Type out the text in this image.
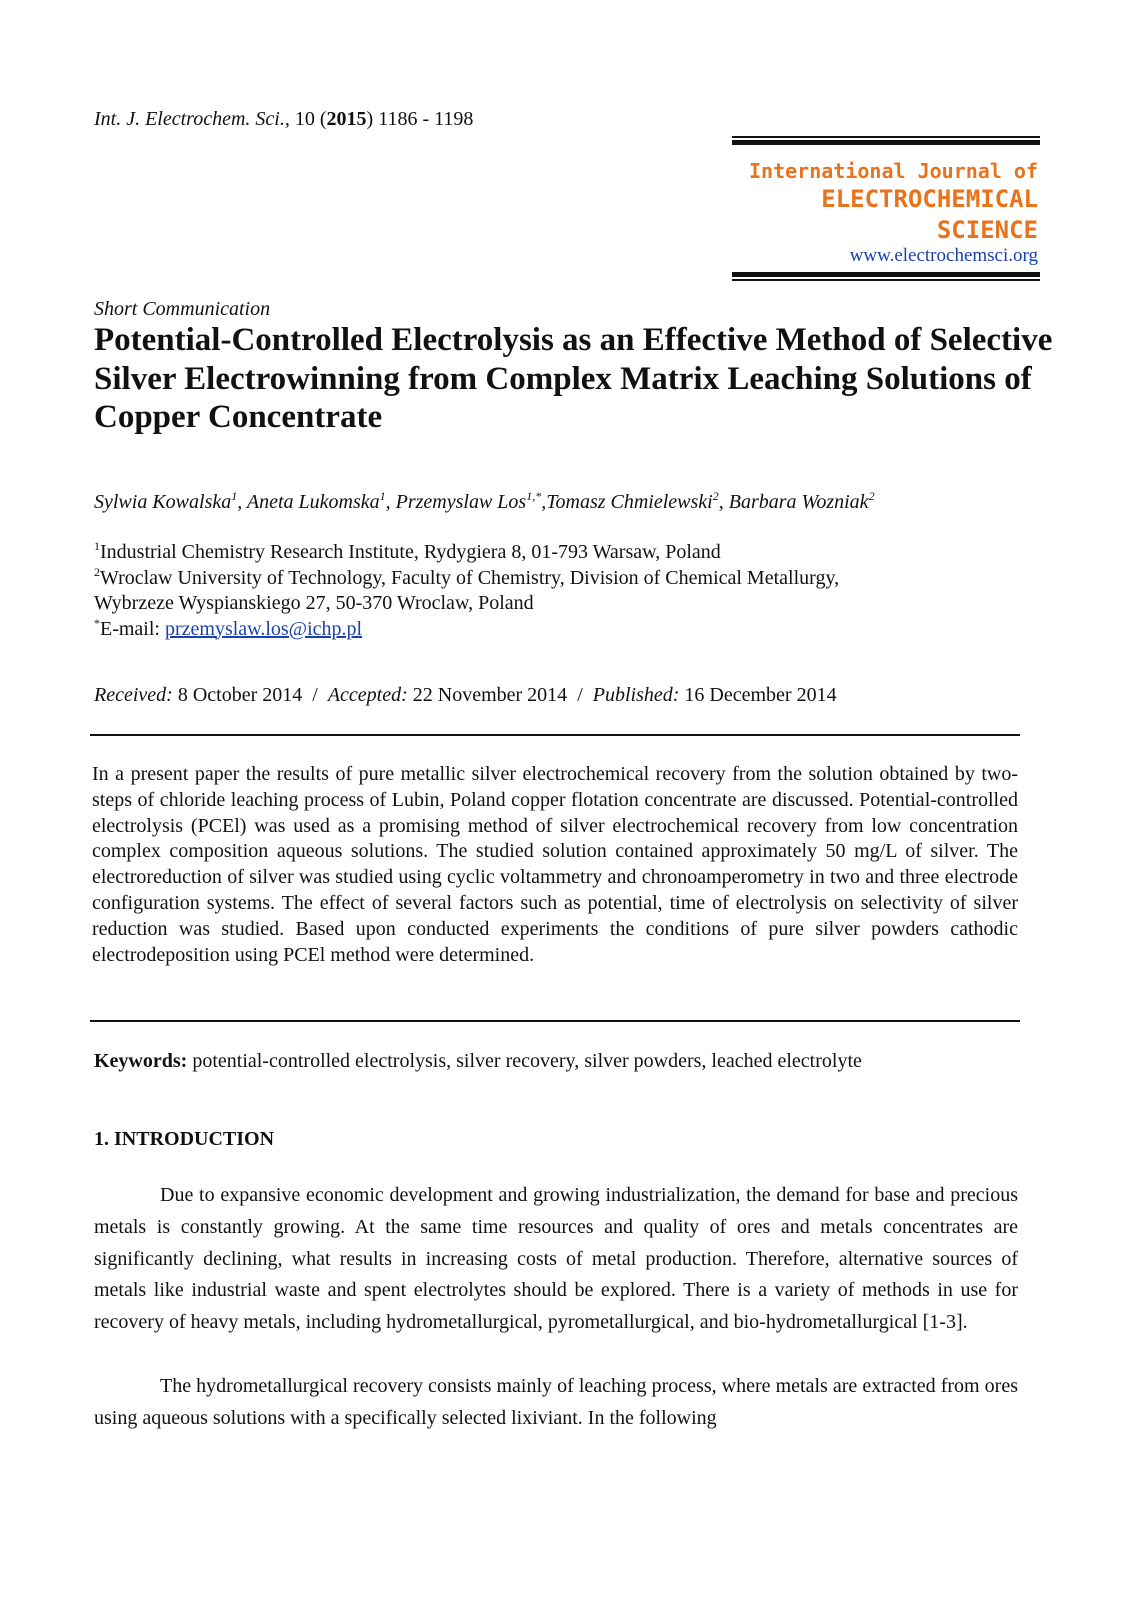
Int. J. Electrochem. Sci., 10 (2015) 1186 - 1198
International Journal of
ELECTROCHEMICAL
SCIENCE
www.electrochemsci.org
Short Communication
Potential-Controlled Electrolysis as an Effective Method of Selective Silver Electrowinning from Complex Matrix Leaching Solutions of Copper Concentrate
Sylwia Kowalska$^1$, Aneta Lukomska$^1$, Przemyslaw Los$^{1,*}$,Tomasz Chmielewski$^2$, Barbara Wozniak$^2$
$^1$Industrial Chemistry Research Institute, Rydygiera 8, 01-793 Warsaw, Poland
$^2$Wroclaw University of Technology, Faculty of Chemistry, Division of Chemical Metallurgy,
Wybrzeze Wyspianskiego 27, 50-370 Wroclaw, Poland
*E-mail: przemyslaw.los@ichp.pl
Received: 8 October 2014  /  Accepted: 22 November 2014  /  Published: 16 December 2014

In a present paper the results of pure metallic silver electrochemical recovery from the solution obtained by two-steps of chloride leaching process of Lubin, Poland copper flotation concentrate are discussed. Potential-controlled electrolysis (PCEl) was used as a promising method of silver electrochemical recovery from low concentration complex composition aqueous solutions. The studied solution contained approximately 50 mg/L of silver. The electroreduction of silver was studied using cyclic voltammetry and chronoamperometry in two and three electrode configuration systems. The effect of several factors such as potential, time of electrolysis on selectivity of silver reduction was studied. Based upon conducted experiments the conditions of pure silver powders cathodic electrodeposition using PCEl method were determined.

Keywords: potential-controlled electrolysis, silver recovery, silver powders, leached electrolyte
1. INTRODUCTION

Due to expansive economic development and growing industrialization, the demand for base and precious metals is constantly growing. At the same time resources and quality of ores and metals concentrates are significantly declining, what results in increasing costs of metal production. Therefore, alternative sources of metals like industrial waste and spent electrolytes should be explored. There is a variety of methods in use for recovery of heavy metals, including hydrometallurgical, pyrometallurgical, and bio-hydrometallurgical [1-3].

The hydrometallurgical recovery consists mainly of leaching process, where metals are extracted from ores using aqueous solutions with a specifically selected lixiviant. In the following
